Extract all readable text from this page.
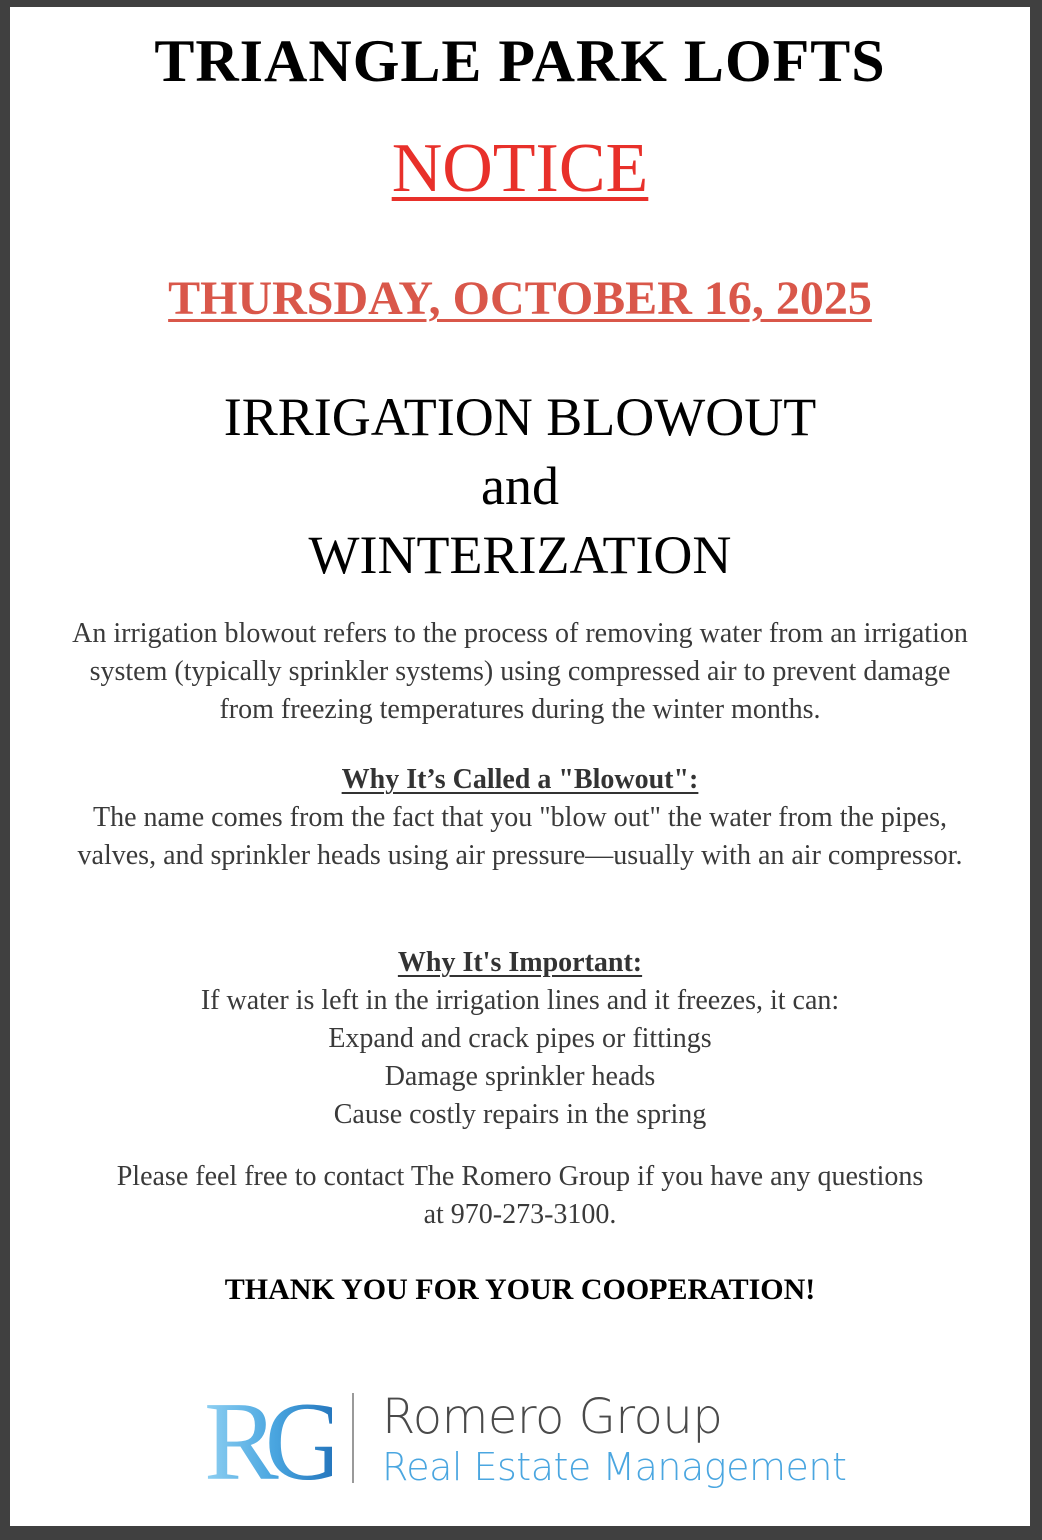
TRIANGLE PARK LOFTS
NOTICE
THURSDAY, OCTOBER 16, 2025
IRRIGATION BLOWOUT
and
WINTERIZATION
An irrigation blowout refers to the process of removing water from an irrigation system (typically sprinkler systems) using compressed air to prevent damage from freezing temperatures during the winter months.
Why It’s Called a "Blowout":
The name comes from the fact that you "blow out" the water from the pipes, valves, and sprinkler heads using air pressure—usually with an air compressor.
Why It's Important:
If water is left in the irrigation lines and it freezes, it can:
Expand and crack pipes or fittings
Damage sprinkler heads
Cause costly repairs in the spring
Please feel free to contact The Romero Group if you have any questions at 970-273-3100.
THANK YOU FOR YOUR COOPERATION!
RG Romero Group
Real Estate Management
